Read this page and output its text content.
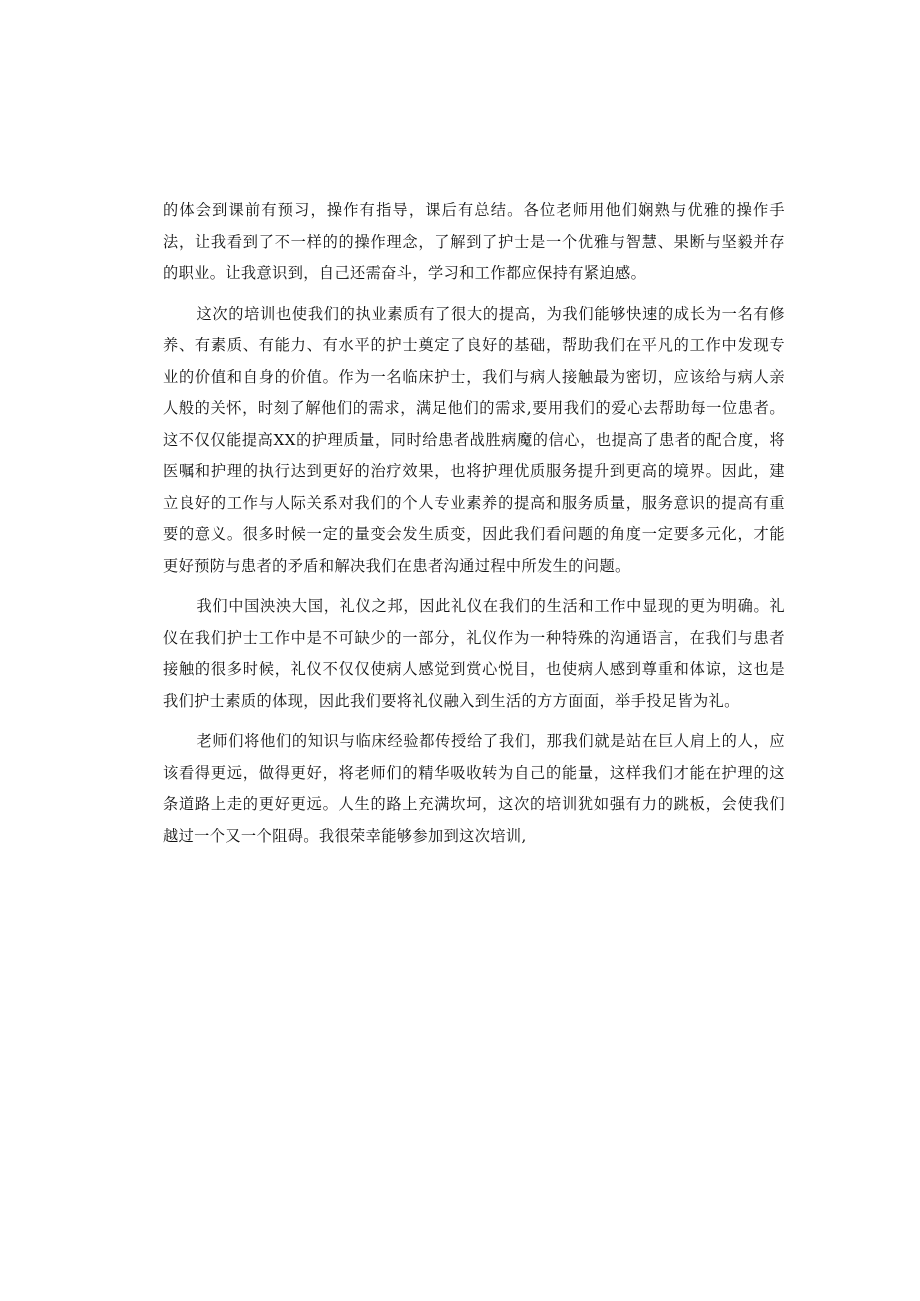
的体会到课前有预习，操作有指导，课后有总结。各位老师用他们娴熟与优雅的操作手法，让我看到了不一样的的操作理念，了解到了护士是一个优雅与智慧、果断与坚毅并存的职业。让我意识到，自己还需奋斗，学习和工作都应保持有紧迫感。

这次的培训也使我们的执业素质有了很大的提高，为我们能够快速的成长为一名有修养、有素质、有能力、有水平的护士奠定了良好的基础，帮助我们在平凡的工作中发现专业的价值和自身的价值。作为一名临床护士，我们与病人接触最为密切，应该给与病人亲人般的关怀，时刻了解他们的需求，满足他们的需求,要用我们的爱心去帮助每一位患者。这不仅仅能提高XX的护理质量，同时给患者战胜病魔的信心，也提高了患者的配合度，将医嘱和护理的执行达到更好的治疗效果，也将护理优质服务提升到更高的境界。因此，建立良好的工作与人际关系对我们的个人专业素养的提高和服务质量，服务意识的提高有重要的意义。很多时候一定的量变会发生质变，因此我们看问题的角度一定要多元化，才能更好预防与患者的矛盾和解决我们在患者沟通过程中所发生的问题。

我们中国泱泱大国，礼仪之邦，因此礼仪在我们的生活和工作中显现的更为明确。礼仪在我们护士工作中是不可缺少的一部分，礼仪作为一种特殊的沟通语言，在我们与患者接触的很多时候，礼仪不仅仅使病人感觉到赏心悦目，也使病人感到尊重和体谅，这也是我们护士素质的体现，因此我们要将礼仪融入到生活的方方面面，举手投足皆为礼。

老师们将他们的知识与临床经验都传授给了我们，那我们就是站在巨人肩上的人，应该看得更远，做得更好，将老师们的精华吸收转为自己的能量，这样我们才能在护理的这条道路上走的更好更远。人生的路上充满坎坷，这次的培训犹如强有力的跳板，会使我们越过一个又一个阻碍。我很荣幸能够参加到这次培训,
